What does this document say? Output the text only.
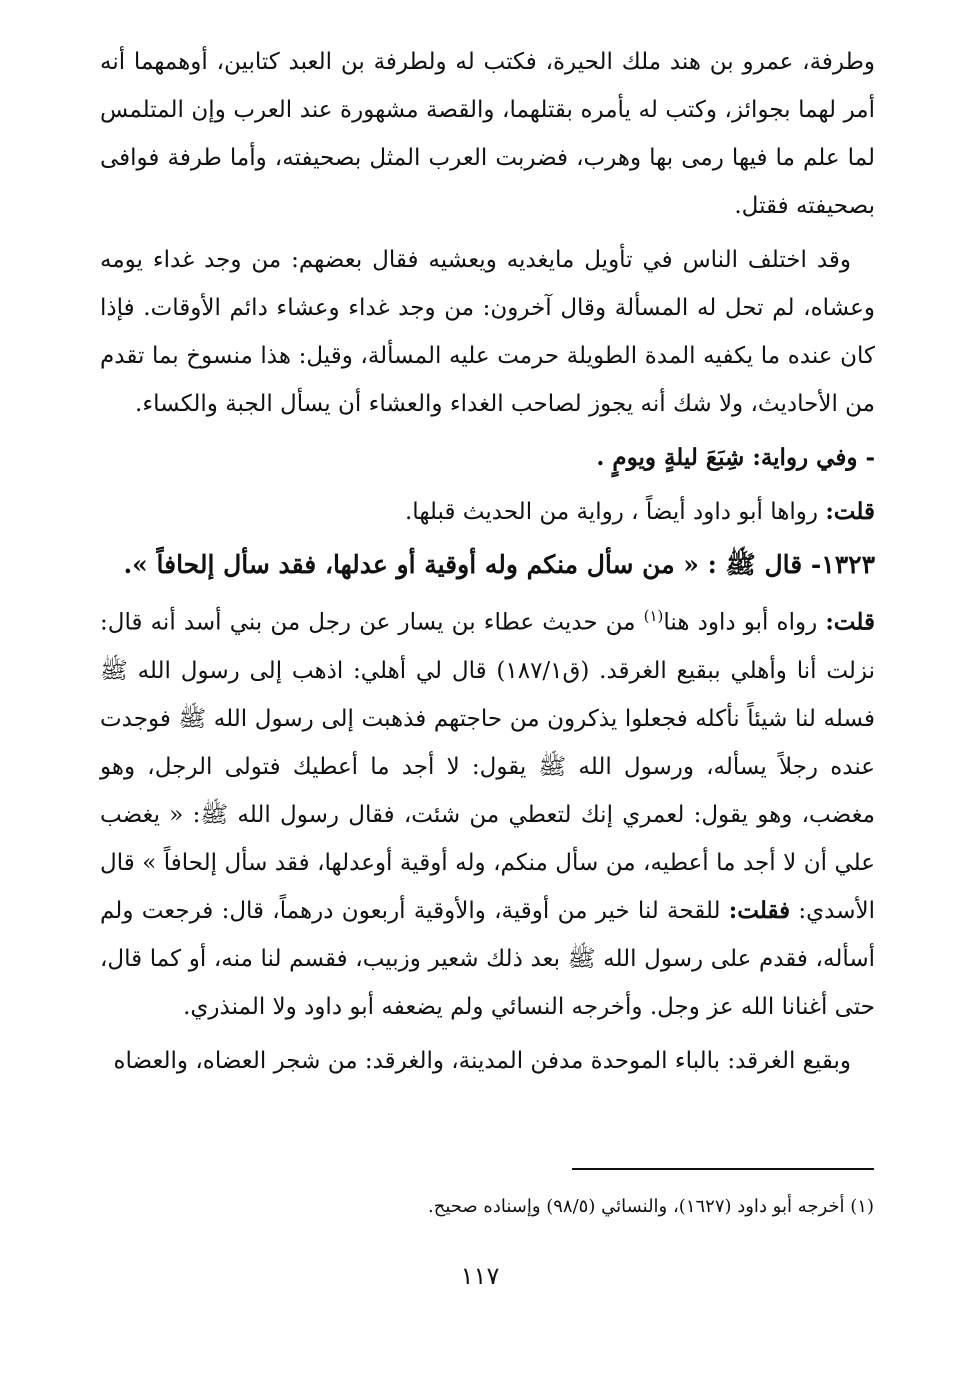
وطرفة، عمرو بن هند ملك الحيرة، فكتب له ولطرفة بن العبد كتابين، أوهمهما أنه أمر لهما بجوائز، وكتب له يأمره بقتلهما، والقصة مشهورة عند العرب وإن المتلمس لما علم ما فيها رمى بها وهرب، فضربت العرب المثل بصحيفته، وأما طرفة فوافى بصحيفته فقتل.
وقد اختلف الناس في تأويل مايغديه ويعشيه فقال بعضهم: من وجد غداء يومه وعشاه، لم تحل له المسألة وقال آخرون: من وجد غداء وعشاء دائم الأوقات. فإذا كان عنده ما يكفيه المدة الطويلة حرمت عليه المسألة، وقيل: هذا منسوخ بما تقدم من الأحاديث، ولا شك أنه يجوز لصاحب الغداء والعشاء أن يسأل الجبة والكساء.
- وفي رواية: شِبَعَ ليلةٍ ويومٍ .
قلت: رواها أبو داود أيضاً ، رواية من الحديث قبلها.
١٣٢٣- قال ﷺ : « من سأل منكم وله أوقية أو عدلها، فقد سأل إلحافاً ».
قلت: رواه أبو داود هنا$^{(١)}$ من حديث عطاء بن يسار عن رجل من بني أسد أنه قال: نزلت أنا وأهلي ببقيع الغرقد. (ق١٨٧/١) قال لي أهلي: اذهب إلى رسول الله ﷺ فسله لنا شيئاً نأكله فجعلوا يذكرون من حاجتهم فذهبت إلى رسول الله ﷺ فوجدت عنده رجلاً يسأله، ورسول الله ﷺ يقول: لا أجد ما أعطيك فتولى الرجل، وهو مغضب، وهو يقول: لعمري إنك لتعطي من شئت، فقال رسول الله ﷺ: « يغضب علي أن لا أجد ما أعطيه، من سأل منكم، وله أوقية أوعدلها، فقد سأل إلحافاً » قال الأسدي: فقلت: للقحة لنا خير من أوقية، والأوقية أربعون درهماً، قال: فرجعت ولم أسأله، فقدم على رسول الله ﷺ بعد ذلك شعير وزبيب، فقسم لنا منه، أو كما قال، حتى أغنانا الله عز وجل. وأخرجه النسائي ولم يضعفه أبو داود ولا المنذري.
وبقيع الغرقد: بالباء الموحدة مدفن المدينة، والغرقد: من شجر العضاه، والعضاه
(١) أخرجه أبو داود (١٦٢٧)، والنسائي (٩٨/٥) وإسناده صحيح.
١١٧
